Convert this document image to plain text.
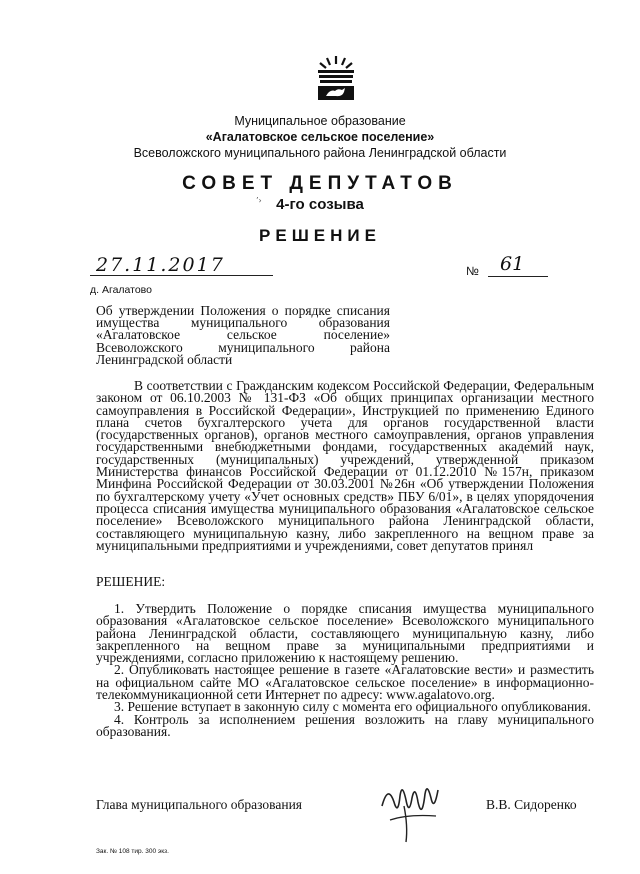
Муниципальное образование
«Агалатовское сельское поселение»
Всеволожского муниципального района Ленинградской области
СОВЕТ ДЕПУТАТОВ
’› 4-го созыва
РЕШЕНИЕ
27.11.2017	№ 61
д. Агалатово
Об утверждении Положения о порядке списания имущества муниципального образования «Агалатовское сельское поселение» Всеволожского муниципального района Ленинградской области
В соответствии с Гражданским кодексом Российской Федерации, Федеральным законом от 06.10.2003 № 131-ФЗ «Об общих принципах организации местного самоуправления в Российской Федерации», Инструкцией по применению Единого плана счетов бухгалтерского учета для органов государственной власти (государственных органов), органов местного самоуправления, органов управления государственными внебюджетными фондами, государственных академий наук, государственных (муниципальных) учреждений, утвержденной приказом Министерства финансов Российской Федерации от 01.12.2010 №157н, приказом Минфина Российской Федерации от 30.03.2001 №26н «Об утверждении Положения по бухгалтерскому учету «Учет основных средств» ПБУ 6/01», в целях упорядочения процесса списания имущества муниципального образования «Агалатовское сельское поселение» Всеволожского муниципального района Ленинградской области, составляющего муниципальную казну, либо закрепленного на вещном праве за муниципальными предприятиями и учреждениями, совет депутатов принял
РЕШЕНИЕ:

1. Утвердить Положение о порядке списания имущества муниципального образования «Агалатовское сельское поселение» Всеволожского муниципального района Ленинградской области, составляющего муниципальную казну, либо закрепленного на вещном праве за муниципальными предприятиями и учреждениями, согласно приложению к настоящему решению.

2. Опубликовать настоящее решение в газете «Агалатовские вести» и разместить на официальном сайте МО «Агалатовское сельское поселение» в информационно-телекоммуникационной сети Интернет по адресу: www.agalatovo.org.

3. Решение вступает в законную силу с момента его официального опубликования.

4. Контроль за исполнением решения возложить на главу муниципального образования.

Глава муниципального образования	В.В. Сидоренко
Зак. № 108 тир. 300 экз.
